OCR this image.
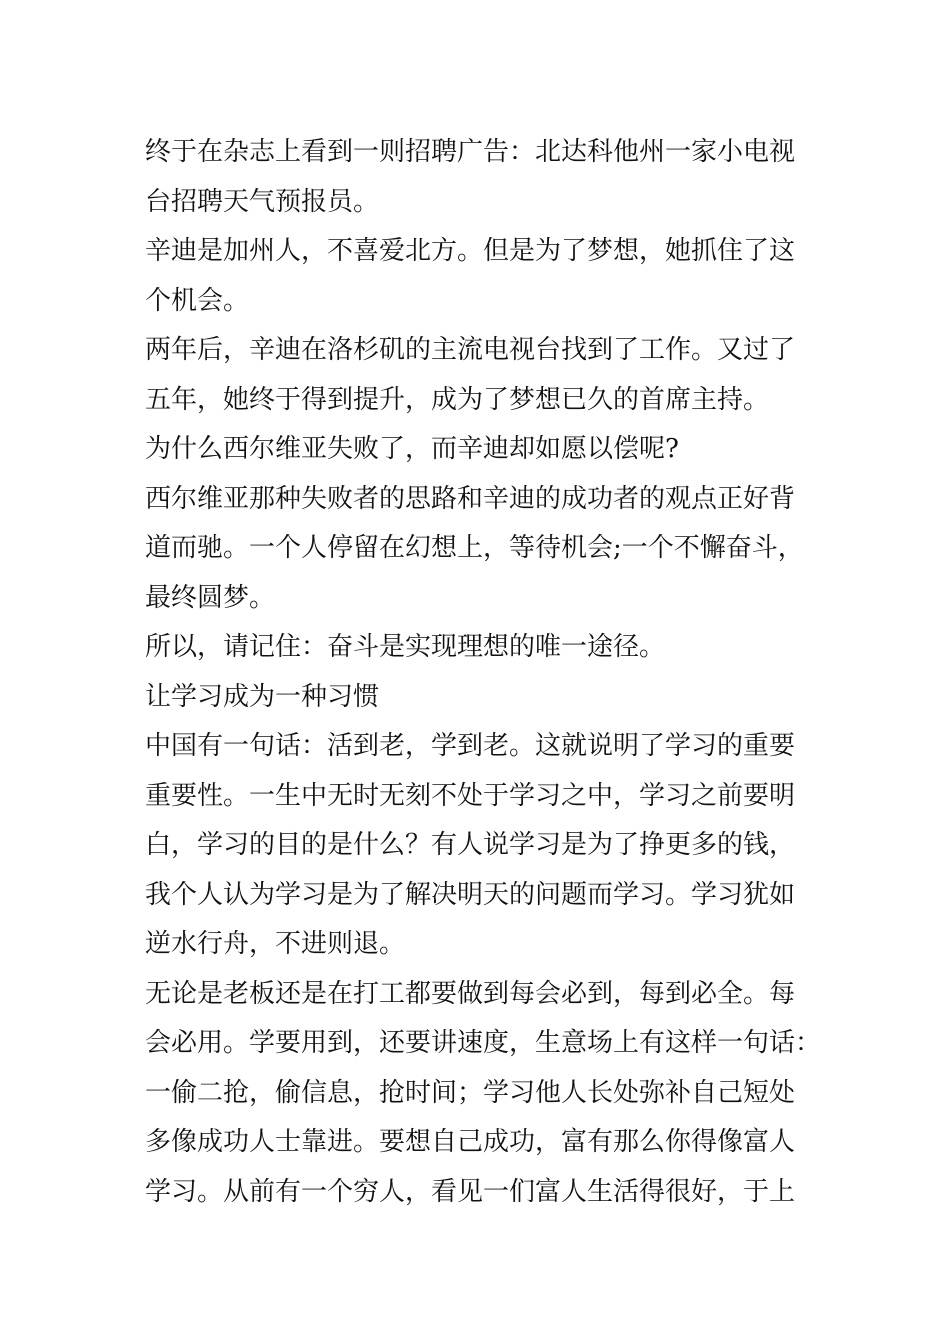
终于在杂志上看到一则招聘广告：北达科他州一家小电视
台招聘天气预报员。
辛迪是加州人，不喜爱北方。但是为了梦想，她抓住了这
个机会。
两年后，辛迪在洛杉矶的主流电视台找到了工作。又过了
五年，她终于得到提升，成为了梦想已久的首席主持。
为什么西尔维亚失败了，而辛迪却如愿以偿呢?
西尔维亚那种失败者的思路和辛迪的成功者的观点正好背
道而驰。一个人停留在幻想上，等待机会;一个不懈奋斗，
最终圆梦。
所以，请记住：奋斗是实现理想的唯一途径。
让学习成为一种习惯
中国有一句话：活到老，学到老。这就说明了学习的重要
重要性。一生中无时无刻不处于学习之中，学习之前要明
白，学习的目的是什么？有人说学习是为了挣更多的钱，
我个人认为学习是为了解决明天的问题而学习。学习犹如
逆水行舟，不进则退。
无论是老板还是在打工都要做到每会必到，每到必全。每
会必用。学要用到，还要讲速度，生意场上有这样一句话：
一偷二抢，偷信息，抢时间；学习他人长处弥补自己短处
多像成功人士靠进。要想自己成功，富有那么你得像富人
学习。从前有一个穷人，看见一们富人生活得很好，于上
